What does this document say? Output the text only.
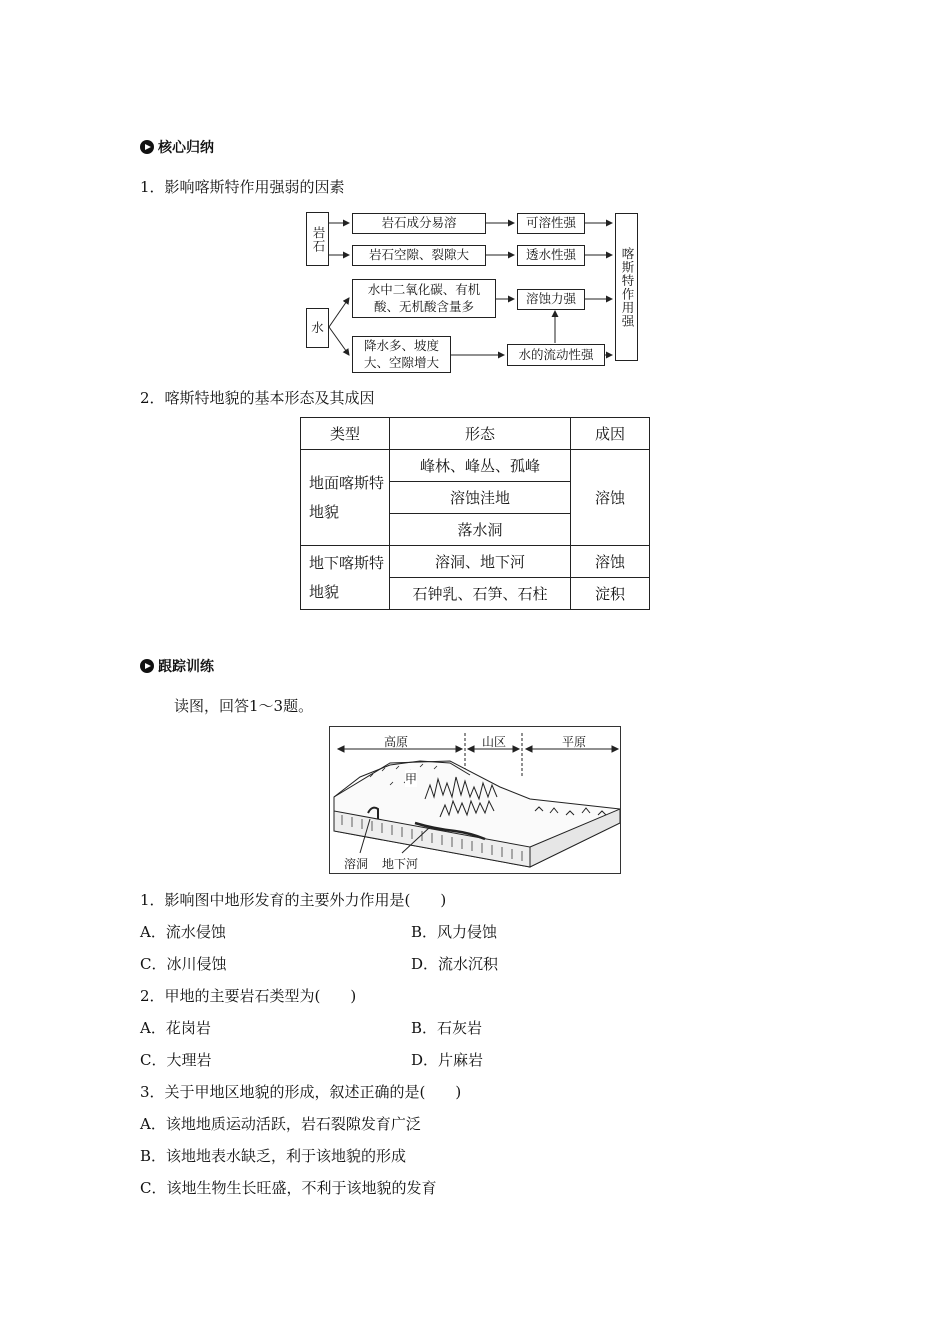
核心归纳
1．影响喀斯特作用强弱的因素
岩石
水
岩石成分易溶
岩石空隙、裂隙大
水中二氧化碳、有机酸、无机酸含量多
降水多、坡度大、空隙增大
可溶性强
透水性强
溶蚀力强
水的流动性强
喀斯特作用强
2．喀斯特地貌的基本形态及其成因
类型	形态	成因
地面喀斯特地貌	峰林、峰丛、孤峰	溶蚀
	溶蚀洼地	
	落水洞	
地下喀斯特地貌	溶洞、地下河	溶蚀
	石钟乳、石笋、石柱	淀积
跟踪训练
读图，回答1～3题。
高原	山区	平原
甲
溶洞 地下河
1．影响图中地形发育的主要外力作用是(　　)
A．流水侵蚀	B．风力侵蚀
C．冰川侵蚀	D．流水沉积
2．甲地的主要岩石类型为(　　)
A．花岗岩	B．石灰岩
C．大理岩	D．片麻岩
3．关于甲地区地貌的形成，叙述正确的是(　　)
A．该地地质运动活跃，岩石裂隙发育广泛
B．该地地表水缺乏，利于该地貌的形成
C．该地生物生长旺盛，不利于该地貌的发育
